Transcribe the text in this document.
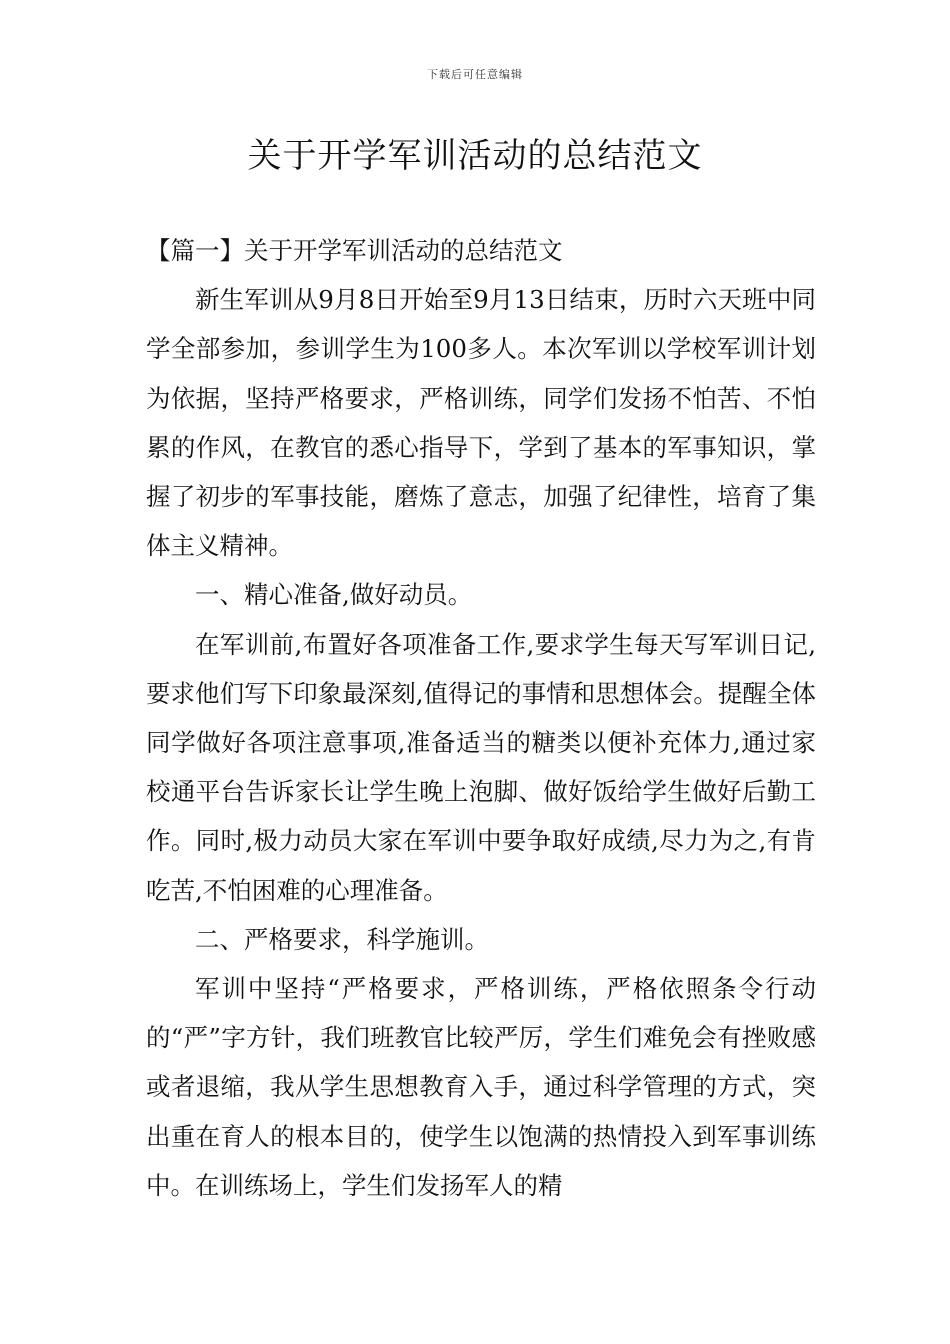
下载后可任意编辑
关于开学军训活动的总结范文

【篇一】关于开学军训活动的总结范文

新生军训从9月8日开始至9月13日结束，历时六天班中同学全部参加，参训学生为100多人。本次军训以学校军训计划为依据，坚持严格要求，严格训练，同学们发扬不怕苦、不怕累的作风，在教官的悉心指导下，学到了基本的军事知识，掌握了初步的军事技能，磨炼了意志，加强了纪律性，培育了集体主义精神。

一、精心准备,做好动员。

在军训前,布置好各项准备工作,要求学生每天写军训日记,要求他们写下印象最深刻,值得记的事情和思想体会。提醒全体同学做好各项注意事项,准备适当的糖类以便补充体力,通过家校通平台告诉家长让学生晚上泡脚、做好饭给学生做好后勤工作。同时,极力动员大家在军训中要争取好成绩,尽力为之,有肯吃苦,不怕困难的心理准备。

二、严格要求，科学施训。

军训中坚持“严格要求，严格训练，严格依照条令行动的“严”字方针，我们班教官比较严厉，学生们难免会有挫败感或者退缩，我从学生思想教育入手，通过科学管理的方式，突出重在育人的根本目的，使学生以饱满的热情投入到军事训练中。在训练场上，学生们发扬军人的精
